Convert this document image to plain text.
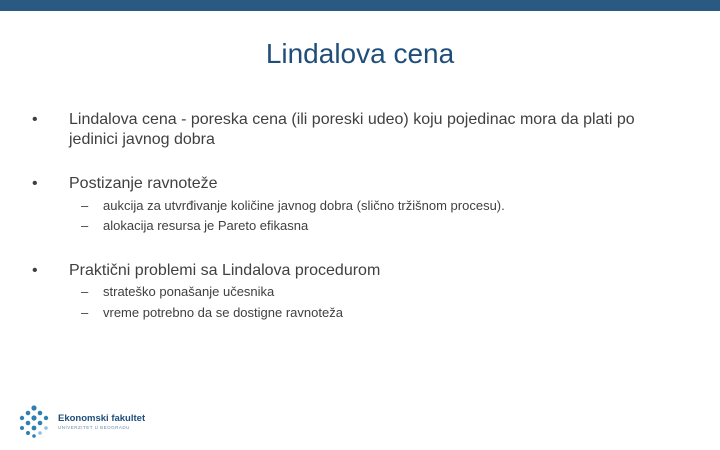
Lindalova cena
• Lindalova cena - poreska cena (ili poreski udeo) koju pojedinac mora da plati po jedinici javnog dobra
• Postizanje ravnoteže
– aukcija za utvrđivanje količine javnog dobra (slično tržišnom procesu).
– alokacija resursa je Pareto efikasna
• Praktični problemi sa Lindalova procedurom
– strateško ponašanje učesnika
– vreme potrebno da se dostigne ravnoteža
Ekonomski fakultet
UNIVERZITET U BEOGRADU
